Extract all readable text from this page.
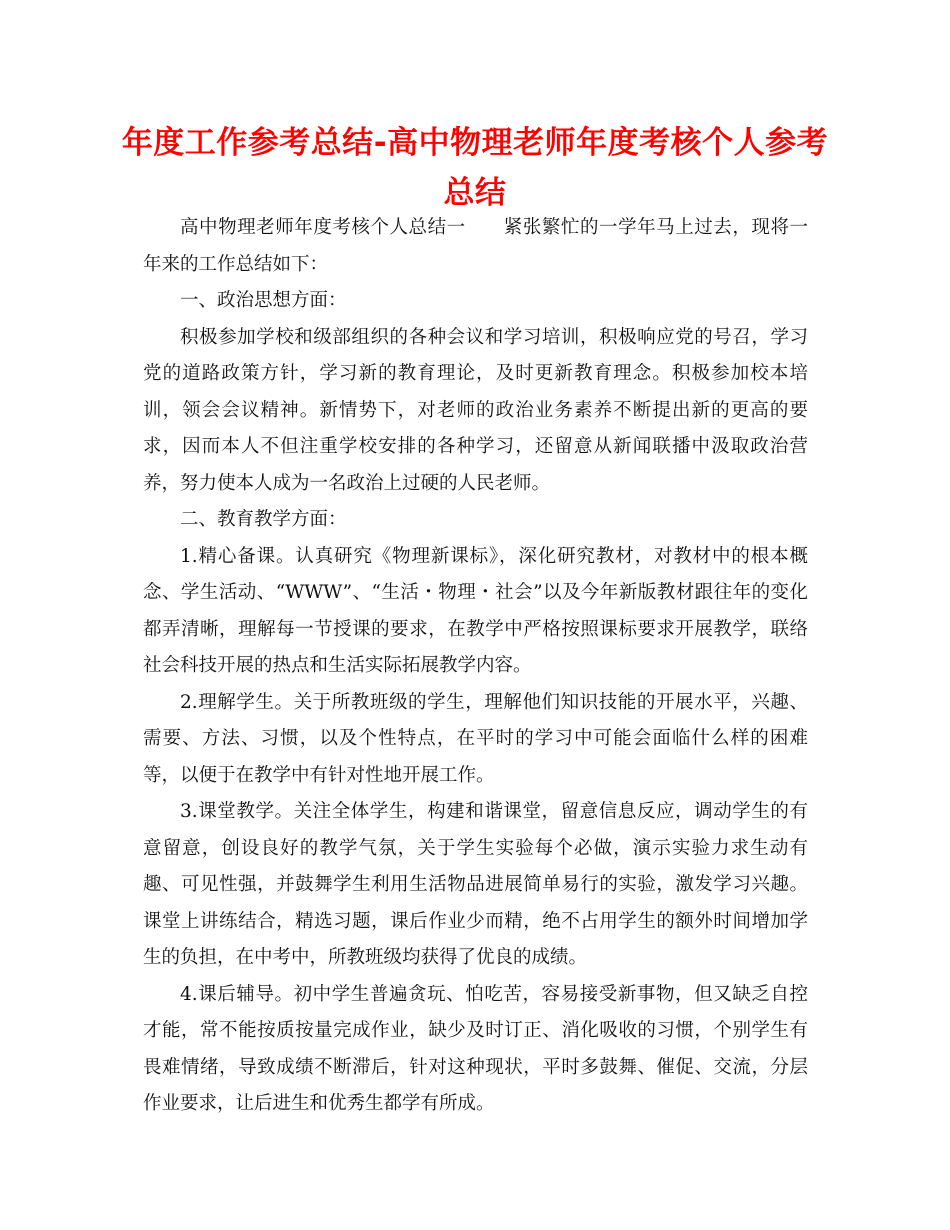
年度工作参考总结-高中物理老师年度考核个人参考总结

高中物理老师年度考核个人总结一　　紧张繁忙的一学年马上过去，现将一年来的工作总结如下：

一、政治思想方面：

积极参加学校和级部组织的各种会议和学习培训，积极响应党的号召，学习党的道路政策方针，学习新的教育理论，及时更新教育理念。积极参加校本培训，领会会议精神。新情势下，对老师的政治业务素养不断提出新的更高的要求，因而本人不但注重学校安排的各种学习，还留意从新闻联播中汲取政治营养，努力使本人成为一名政治上过硬的人民老师。

二、教育教学方面：

1.精心备课。认真研究《物理新课标》，深化研究教材，对教材中的根本概念、学生活动、“WWW”、“生活・物理・社会”以及今年新版教材跟往年的变化都弄清晰，理解每一节授课的要求，在教学中严格按照课标要求开展教学，联络社会科技开展的热点和生活实际拓展教学内容。

2.理解学生。关于所教班级的学生，理解他们知识技能的开展水平，兴趣、需要、方法、习惯，以及个性特点，在平时的学习中可能会面临什么样的困难等，以便于在教学中有针对性地开展工作。

3.课堂教学。关注全体学生，构建和谐课堂，留意信息反应，调动学生的有意留意，创设良好的教学气氛，关于学生实验每个必做，演示实验力求生动有趣、可见性强，并鼓舞学生利用生活物品进展简单易行的实验，激发学习兴趣。课堂上讲练结合，精选习题，课后作业少而精，绝不占用学生的额外时间增加学生的负担，在中考中，所教班级均获得了优良的成绩。

4.课后辅导。初中学生普遍贪玩、怕吃苦，容易接受新事物，但又缺乏自控才能，常不能按质按量完成作业，缺少及时订正、消化吸收的习惯，个别学生有畏难情绪，导致成绩不断滞后，针对这种现状，平时多鼓舞、催促、交流，分层作业要求，让后进生和优秀生都学有所成。
